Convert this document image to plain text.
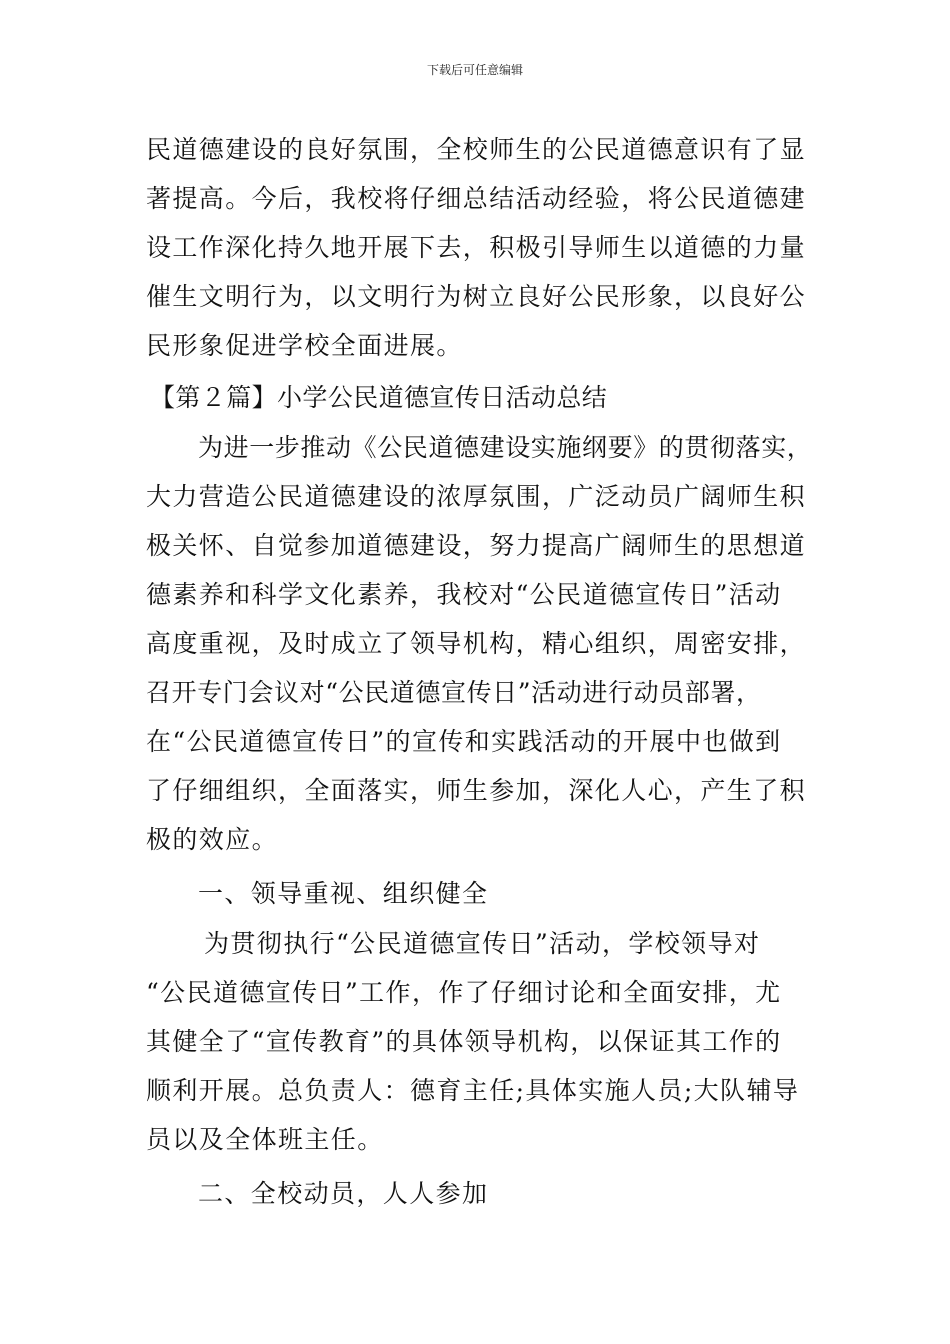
下载后可任意编辑
民道德建设的良好氛围，全校师生的公民道德意识有了显
著提高。今后，我校将仔细总结活动经验，将公民道德建
设工作深化持久地开展下去，积极引导师生以道德的力量
催生文明行为，以文明行为树立良好公民形象，以良好公
民形象促进学校全面进展。
【第２篇】小学公民道德宣传日活动总结
为进一步推动《公民道德建设实施纲要》的贯彻落实，
大力营造公民道德建设的浓厚氛围，广泛动员广阔师生积
极关怀、自觉参加道德建设，努力提高广阔师生的思想道
德素养和科学文化素养，我校对“公民道德宣传日”活动
高度重视，及时成立了领导机构，精心组织，周密安排，
召开专门会议对“公民道德宣传日”活动进行动员部署，
在“公民道德宣传日”的宣传和实践活动的开展中也做到
了仔细组织，全面落实，师生参加，深化人心，产生了积
极的效应。
一、领导重视、组织健全
为贯彻执行“公民道德宣传日”活动，学校领导对
“公民道德宣传日”工作，作了仔细讨论和全面安排，尤
其健全了“宣传教育”的具体领导机构，以保证其工作的
顺利开展。总负责人：德育主任;具体实施人员;大队辅导
员以及全体班主任。
二、全校动员，人人参加
